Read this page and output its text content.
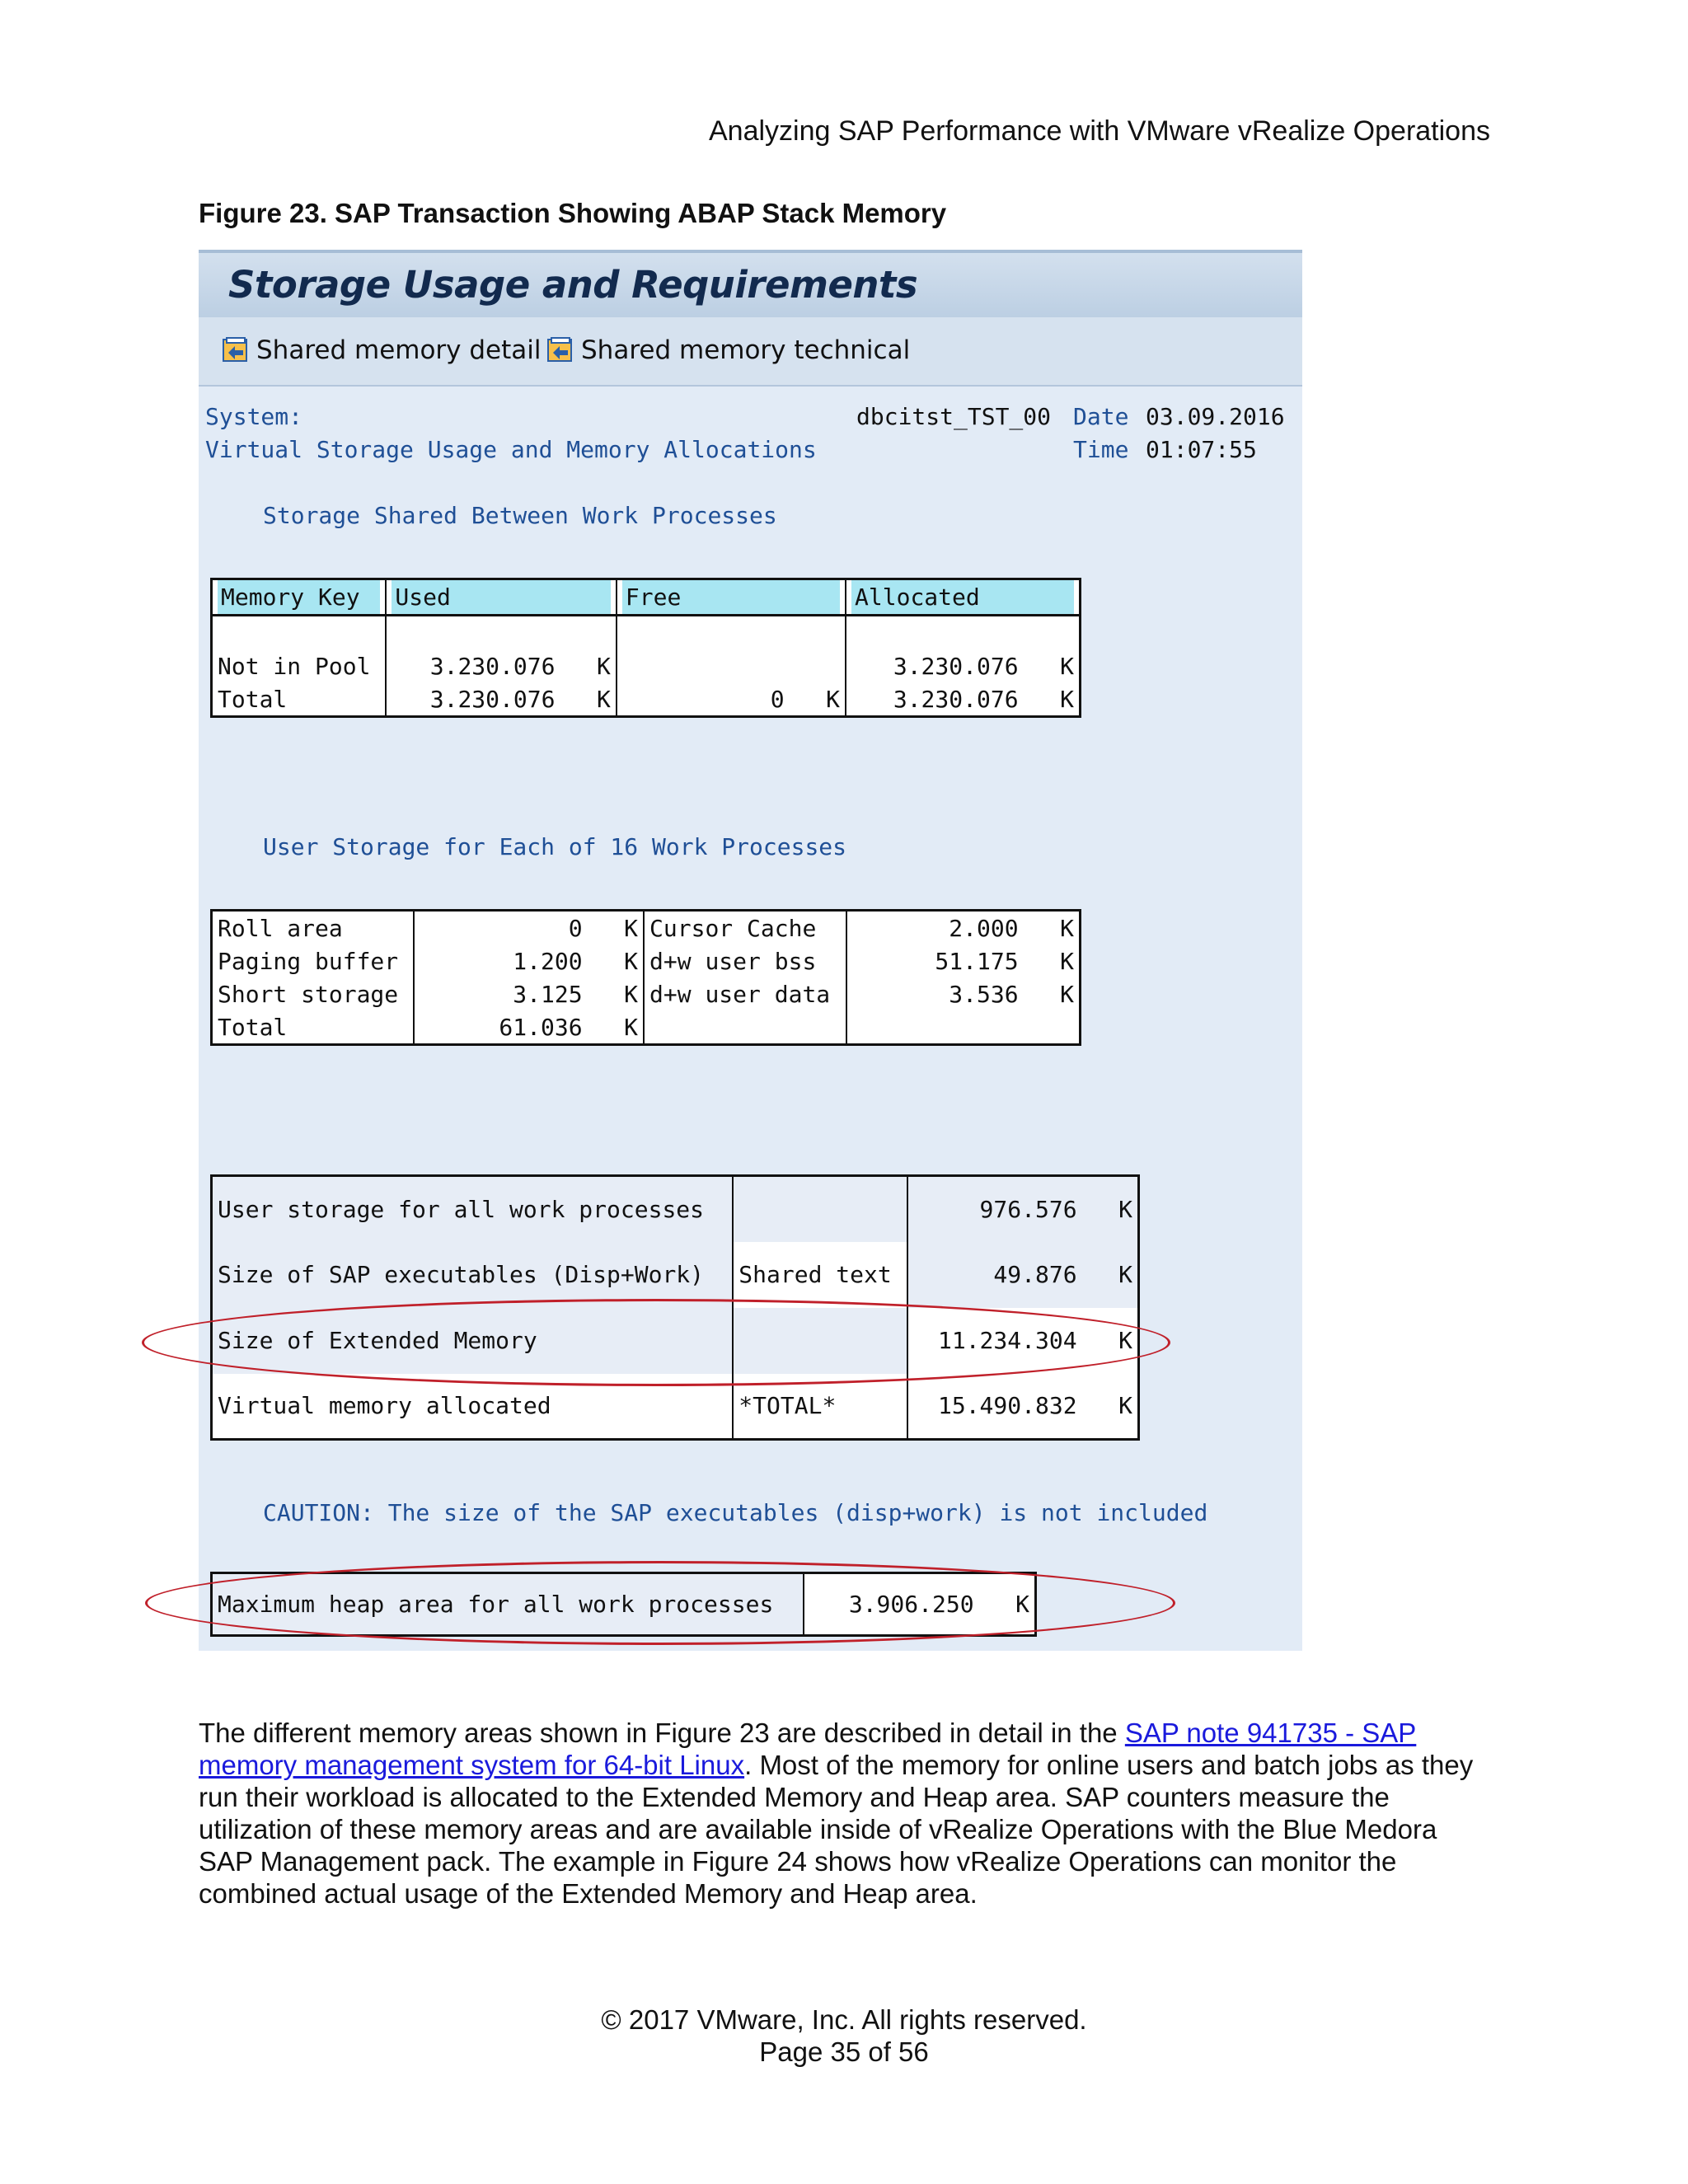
Analyzing SAP Performance with VMware vRealize Operations
Figure 23. SAP Transaction Showing ABAP Stack Memory
Storage Usage and Requirements
Shared memory detail Shared memory technical
System:	dbcitst_TST_00 Date 03.09.2016
Virtual Storage Usage and Memory Allocations	Time 01:07:55
Storage Shared Between Work Processes
Memory Key	Used	Free	Allocated

Not in Pool	3.230.076 K		3.230.076 K
Total	3.230.076 K	0 K	3.230.076 K
User Storage for Each of 16 Work Processes
Roll area	0 K	Cursor Cache	2.000 K
Paging buffer	1.200 K	d+w user bss	51.175 K
Short storage	3.125 K	d+w user data	3.536 K
Total	61.036 K		
User storage for all work processes		976.576 K
Size of SAP executables (Disp+Work)	Shared text	49.876 K
Size of Extended Memory		11.234.304 K
Virtual memory allocated	*TOTAL*	15.490.832 K
CAUTION: The size of the SAP executables (disp+work) is not included
Maximum heap area for all work processes	3.906.250 K
The different memory areas shown in Figure 23 are described in detail in the SAP note 941735 - SAP memory management system for 64-bit Linux. Most of the memory for online users and batch jobs as they run their workload is allocated to the Extended Memory and Heap area. SAP counters measure the utilization of these memory areas and are available inside of vRealize Operations with the Blue Medora SAP Management pack. The example in Figure 24 shows how vRealize Operations can monitor the combined actual usage of the Extended Memory and Heap area.
© 2017 VMware, Inc. All rights reserved.
Page 35 of 56
